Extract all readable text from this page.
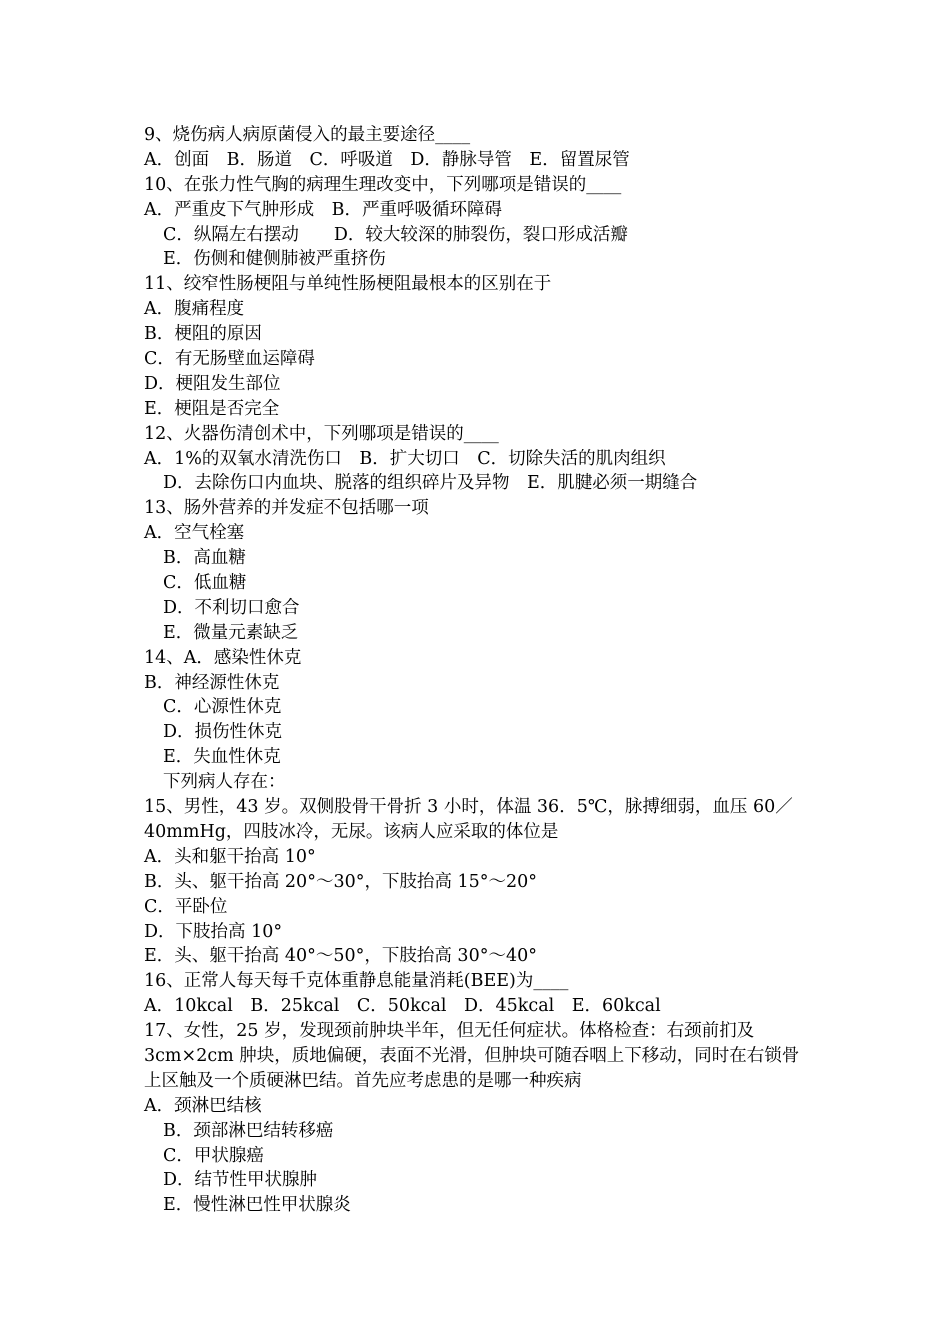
9、烧伤病人病原菌侵入的最主要途径____
A．创面　B．肠道　C．呼吸道　D．静脉导管　E．留置尿管
10、在张力性气胸的病理生理改变中，下列哪项是错误的____
A．严重皮下气肿形成　B．严重呼吸循环障碍
C．纵隔左右摆动　　D．较大较深的肺裂伤，裂口形成活瓣
E．伤侧和健侧肺被严重挤伤
11、绞窄性肠梗阻与单纯性肠梗阻最根本的区别在于
A．腹痛程度
B．梗阻的原因
C．有无肠壁血运障碍
D．梗阻发生部位
E．梗阻是否完全
12、火器伤清创术中，下列哪项是错误的____
A．1%的双氧水清洗伤口　B．扩大切口　C．切除失活的肌肉组织
D．去除伤口内血块、脱落的组织碎片及异物　E．肌腱必须一期缝合
13、肠外营养的并发症不包括哪一项
A．空气栓塞
B．高血糖
C．低血糖
D．不利切口愈合
E．微量元素缺乏
14、A．感染性休克
B．神经源性休克
C．心源性休克
D．损伤性休克
E．失血性休克
下列病人存在：
15、男性，43 岁。双侧股骨干骨折 3 小时，体温 36．5℃，脉搏细弱，血压 60／
40mmHg，四肢冰冷，无尿。该病人应采取的体位是
A．头和躯干抬高 10°
B．头、躯干抬高 20°～30°，下肢抬高 15°～20°
C．平卧位
D．下肢抬高 10°
E．头、躯干抬高 40°～50°，下肢抬高 30°～40°
16、正常人每天每千克体重静息能量消耗(BEE)为____
A．10kcal　B．25kcal　C．50kcal　D．45kcal　E．60kcal
17、女性，25 岁，发现颈前肿块半年，但无任何症状。体格检查：右颈前扪及
3cm×2cm 肿块，质地偏硬，表面不光滑，但肿块可随吞咽上下移动，同时在右锁骨
上区触及一个质硬淋巴结。首先应考虑患的是哪一种疾病
A．颈淋巴结核
B．颈部淋巴结转移癌
C．甲状腺癌
D．结节性甲状腺肿
E．慢性淋巴性甲状腺炎
